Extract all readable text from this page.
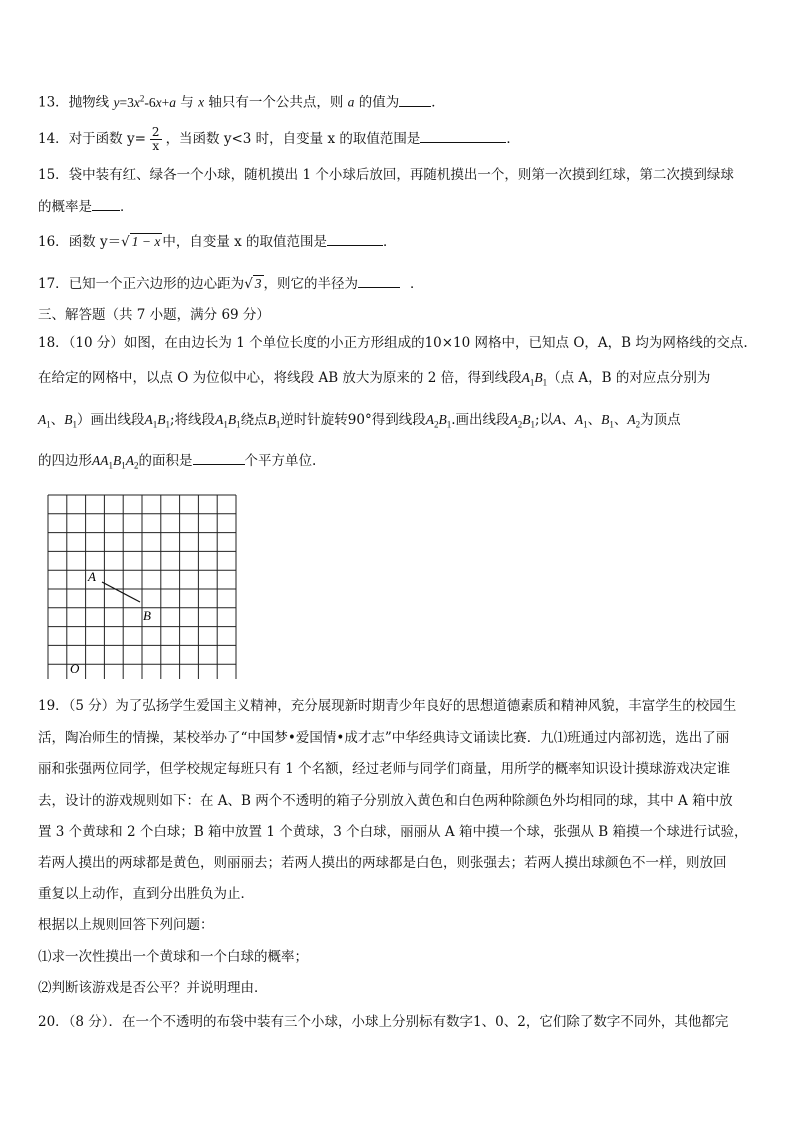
13．抛物线 $y=3x^2-6x+a$ 与 x 轴只有一个公共点，则 a 的值为 ．
14．对于函数 $y= \frac{2}{x}$ ，当函数 y<3 时，自变量 x 的取值范围是	．
15．袋中装有红、绿各一个小球，随机摸出 1 个小球后放回，再随机摸出一个，则第一次摸到红球，第二次摸到绿球
的概率是 ．
16．函数 y＝√ 1 − x 中，自变量 x 的取值范围是	．
17．已知一个正六边形的边心距为√ 3 ，则它的半径为	．
三、解答题（共 7 小题，满分 69 分）
18．（10 分）如图，在由边长为 1 个单位长度的小正方形组成的10×10 网格中，已知点 O，A，B 均为网格线的交点.
在给定的网格中，以点 O 为位似中心，将线段 AB 放大为原来的 2 倍，得到线段$A_1B_1$（点 A，B 的对应点分别为
$A_1$、$B_1$）画出线段$A_1B_1$;将线段$A_1B_1$绕点$B_1$逆时针旋转90°得到线段$A_2B_1$.画出线段$A_2B_1$;以A、$A_1$、$B_1$、$A_2$为顶点
的四边形$AA_1B_1A_2$的面积是	个平方单位.
A
B
O
19．（5 分）为了弘扬学生爱国主义精神，充分展现新时期青少年良好的思想道德素质和精神风貌，丰富学生的校园生
活，陶冶师生的情操，某校举办了“中国梦•爱国情•成才志”中华经典诗文诵读比赛．九⑴班通过内部初选，选出了丽
丽和张强两位同学，但学校规定每班只有 1 个名额，经过老师与同学们商量，用所学的概率知识设计摸球游戏决定谁
去，设计的游戏规则如下：在 A、B 两个不透明的箱子分别放入黄色和白色两种除颜色外均相同的球，其中 A 箱中放
置 3 个黄球和 2 个白球；B 箱中放置 1 个黄球，3 个白球，丽丽从 A 箱中摸一个球，张强从 B 箱摸一个球进行试验，
若两人摸出的两球都是黄色，则丽丽去；若两人摸出的两球都是白色，则张强去；若两人摸出球颜色不一样，则放回
重复以上动作，直到分出胜负为止．
根据以上规则回答下列问题：
⑴求一次性摸出一个黄球和一个白球的概率；
⑵判断该游戏是否公平？并说明理由．
20．（8 分）．在一个不透明的布袋中装有三个小球，小球上分别标有数字1、0、2，它们除了数字不同外，其他都完
